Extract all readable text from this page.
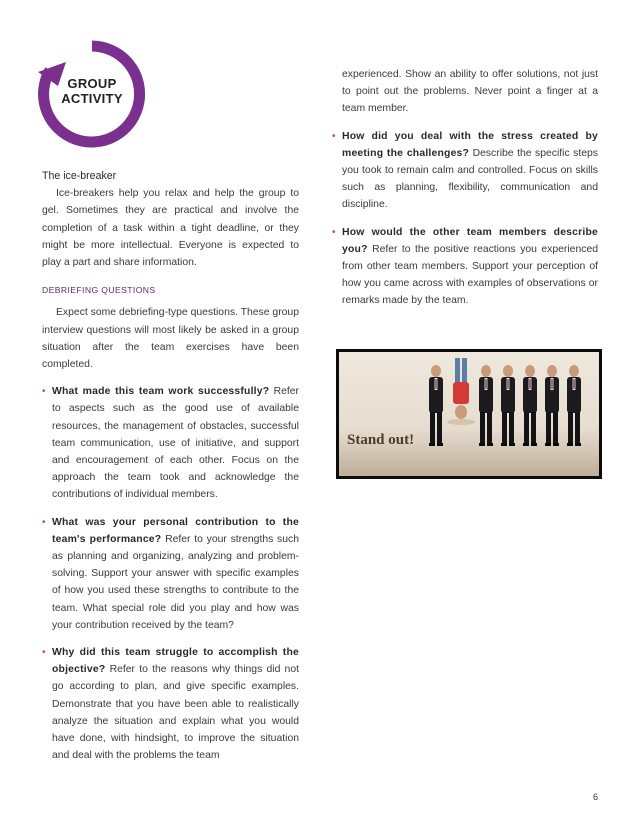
GROUP
ACTIVITY

The ice-breaker

Ice-breakers help you relax and help the group to gel. Sometimes they are practical and involve the completion of a task within a tight deadline, or they might be more intellectual. Everyone is expected to play a part and share information.

DEBRIEFING QUESTIONS

Expect some debriefing-type questions. These group interview questions will most likely be asked in a group situation after the team exercises have been completed.

• What made this team work successfully? Refer to aspects such as the good use of available resources, the management of obstacles, successful team communication, use of initiative, and support and encouragement of each other. Focus on the approach the team took and acknowledge the contributions of individual members.
• What was your personal contribution to the team's performance? Refer to your strengths such as planning and organizing, analyzing and problem-solving. Support your answer with specific examples of how you used these strengths to contribute to the team. What special role did you play and how was your contribution received by the team?
• Why did this team struggle to accomplish the objective? Refer to the reasons why things did not go according to plan, and give specific examples. Demonstrate that you have been able to realistically analyze the situation and explain what you would have done, with hindsight, to improve the situation and deal with the problems the team

experienced. Show an ability to offer solutions, not just to point out the problems. Never point a finger at a team member.

• How did you deal with the stress created by meeting the challenges? Describe the specific steps you took to remain calm and controlled. Focus on skills such as planning, flexibility, communication and discipline.
• How would the other team members describe you? Refer to the positive reactions you experienced from other team members. Support your perception of how you came across with examples of observations or remarks made by the team.
Stand out!
6
